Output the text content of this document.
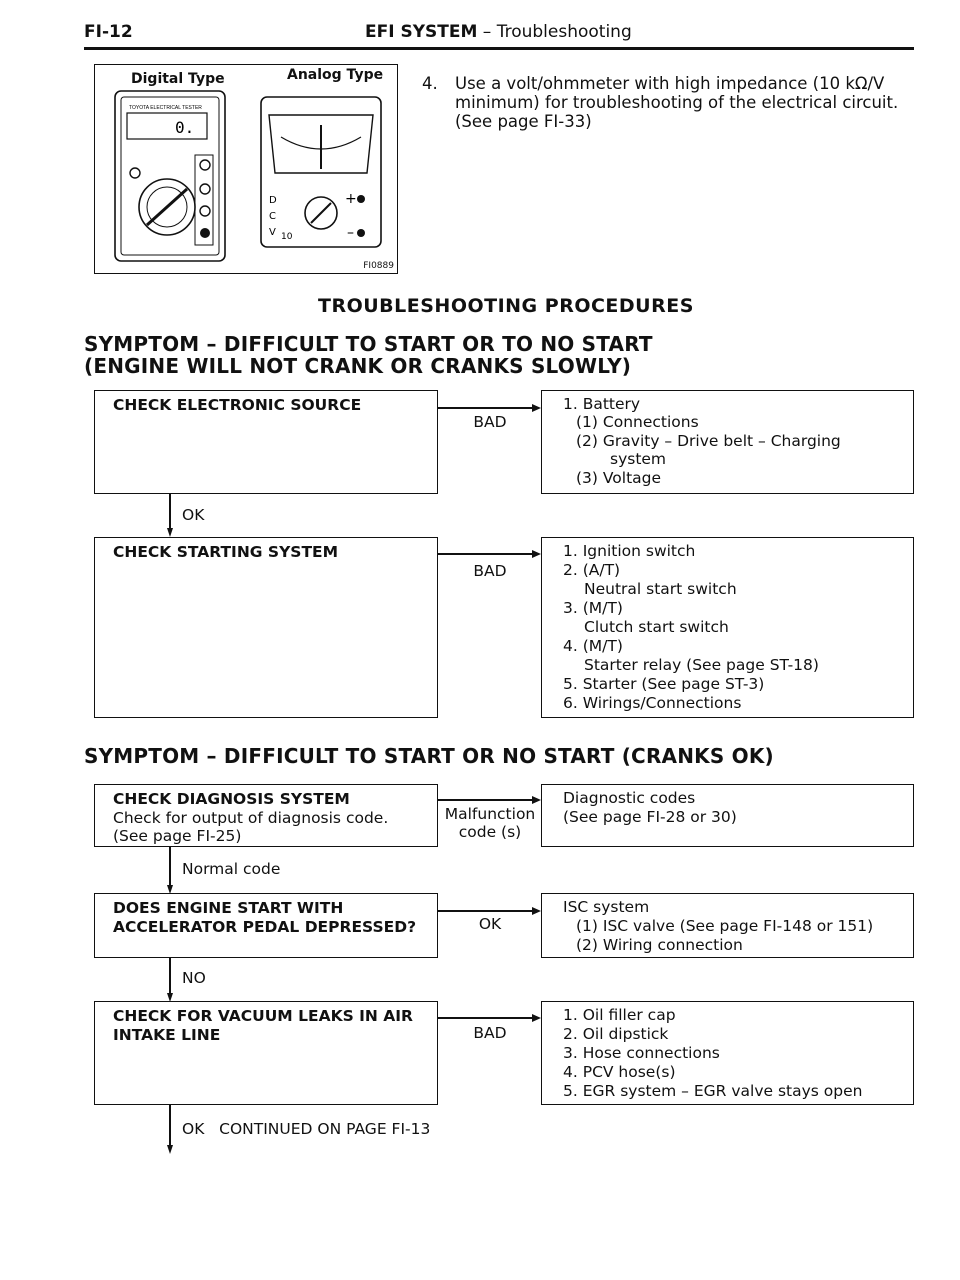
FI-12	EFI SYSTEM – Troubleshooting
Digital Type	Analog Type
TOYOTA ELECTRICAL TESTER
0.
+
–
D
C
V 10
FI0889
4. Use a volt/ohmmeter with high impedance (10 kΩ/V minimum) for troubleshooting of the electrical circuit. (See page FI-33)
TROUBLESHOOTING PROCEDURES
SYMPTOM – DIFFICULT TO START OR TO NO START
(ENGINE WILL NOT CRANK OR CRANKS SLOWLY)
CHECK ELECTRONIC SOURCE
BAD
1. Battery
(1) Connections
(2) Gravity – Drive belt – Charging
system
(3) Voltage
OK
CHECK STARTING SYSTEM
BAD
1. Ignition switch
2. (A/T)
Neutral start switch
3. (M/T)
Clutch start switch
4. (M/T)
Starter relay (See page ST-18)
5. Starter (See page ST-3)
6. Wirings/Connections
SYMPTOM – DIFFICULT TO START OR NO START (CRANKS OK)
CHECK DIAGNOSIS SYSTEM
Check for output of diagnosis code.
(See page FI-25)
Malfunction
code (s)
Diagnostic codes
(See page FI-28 or 30)
Normal code
DOES ENGINE START WITH
ACCELERATOR PEDAL DEPRESSED?	OK
ISC system
(1) ISC valve (See page FI-148 or 151)
(2) Wiring connection
NO
CHECK FOR VACUUM LEAKS IN AIR
INTAKE LINE	BAD
1. Oil filler cap
2. Oil dipstick
3. Hose connections
4. PCV hose(s)
5. EGR system – EGR valve stays open
OK   CONTINUED ON PAGE FI-13
